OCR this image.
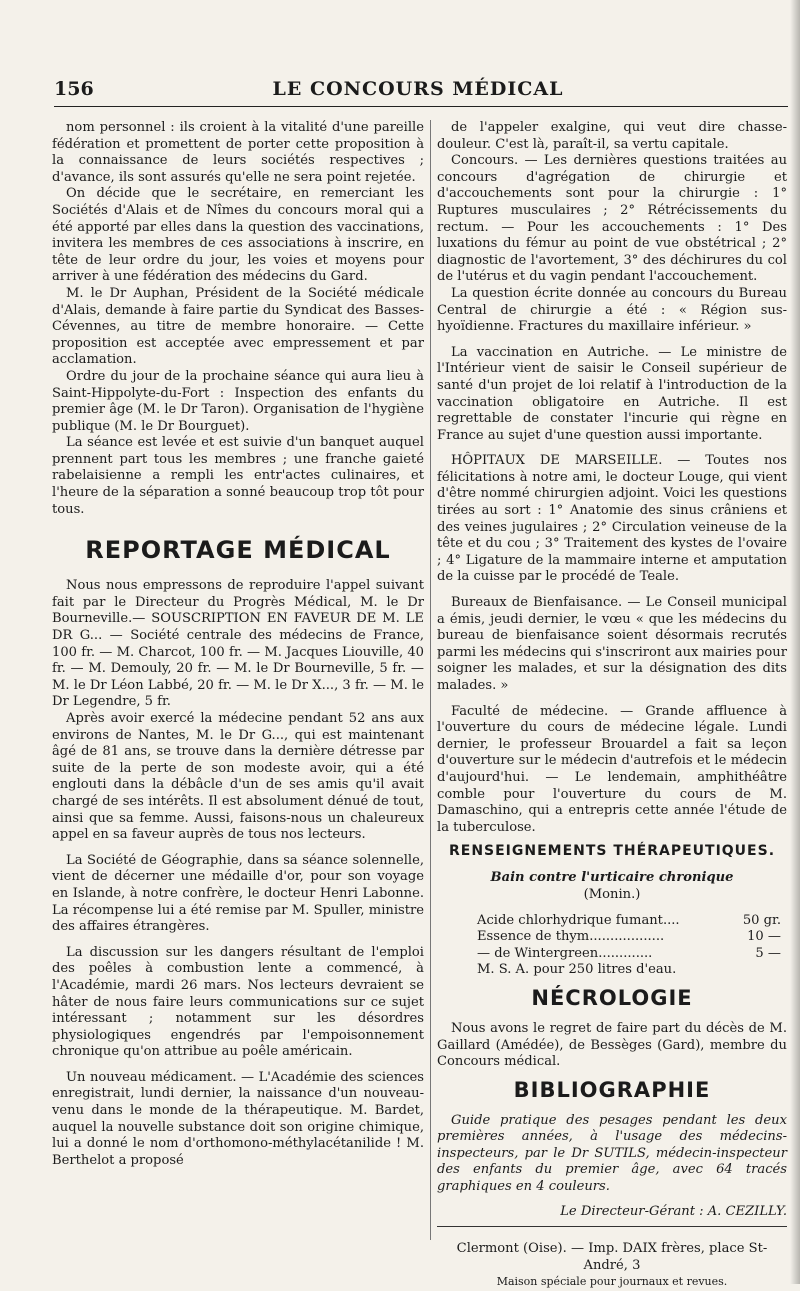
156	LE CONCOURS MÉDICAL

nom personnel : ils croient à la vitalité d'une pareille fédération et promettent de porter cette proposition à la connaissance de leurs sociétés respectives ; d'avance, ils sont assurés qu'elle ne sera point rejetée.

On décide que le secrétaire, en remerciant les Sociétés d'Alais et de Nîmes du concours moral qui a été apporté par elles dans la question des vaccinations, invitera les membres de ces associations à inscrire, en tête de leur ordre du jour, les voies et moyens pour arriver à une fédération des médecins du Gard.

M. le Dr Auphan, Président de la Société médicale d'Alais, demande à faire partie du Syndicat des Basses-Cévennes, au titre de membre honoraire. — Cette proposition est acceptée avec empressement et par acclamation.

Ordre du jour de la prochaine séance qui aura lieu à Saint-Hippolyte-du-Fort : Inspection des enfants du premier âge (M. le Dr Taron). Organisation de l'hygiène publique (M. le Dr Bourguet).

La séance est levée et est suivie d'un banquet auquel prennent part tous les membres ; une franche gaieté rabelaisienne a rempli les entr'actes culinaires, et l'heure de la séparation a sonné beaucoup trop tôt pour tous.

REPORTAGE MÉDICAL

Nous nous empressons de reproduire l'appel suivant fait par le Directeur du Progrès Médical, M. le Dr Bourneville.— SOUSCRIPTION EN FAVEUR DE M. LE DR G... — Société centrale des médecins de France, 100 fr. — M. Charcot, 100 fr. — M. Jacques Liouville, 40 fr. — M. Demouly, 20 fr. — M. le Dr Bourneville, 5 fr. — M. le Dr Léon Labbé, 20 fr. — M. le Dr X..., 3 fr. — M. le Dr Legendre, 5 fr.

Après avoir exercé la médecine pendant 52 ans aux environs de Nantes, M. le Dr G..., qui est maintenant âgé de 81 ans, se trouve dans la dernière détresse par suite de la perte de son modeste avoir, qui a été englouti dans la débâcle d'un de ses amis qu'il avait chargé de ses intérêts. Il est absolument dénué de tout, ainsi que sa femme. Aussi, faisons-nous un chaleureux appel en sa faveur auprès de tous nos lecteurs.

La Société de Géographie, dans sa séance solennelle, vient de décerner une médaille d'or, pour son voyage en Islande, à notre confrère, le docteur Henri Labonne. La récompense lui a été remise par M. Spuller, ministre des affaires étrangères.

La discussion sur les dangers résultant de l'emploi des poêles à combustion lente a commencé, à l'Académie, mardi 26 mars. Nos lecteurs devraient se hâter de nous faire leurs communications sur ce sujet intéressant ; notamment sur les désordres physiologiques engendrés par l'empoisonnement chronique qu'on attribue au poêle américain.

Un nouveau médicament. — L'Académie des sciences enregistrait, lundi dernier, la naissance d'un nouveau-venu dans le monde de la thérapeutique. M. Bardet, auquel la nouvelle substance doit son origine chimique, lui a donné le nom d'orthomono-méthylacétanilide ! M. Berthelot a proposé

de l'appeler exalgine, qui veut dire chasse-douleur. C'est là, paraît-il, sa vertu capitale.

Concours. — Les dernières questions traitées au concours d'agrégation de chirurgie et d'accouchements sont pour la chirurgie : 1° Ruptures musculaires ; 2° Rétrécissements du rectum. — Pour les accouchements : 1° Des luxations du fémur au point de vue obstétrical ; 2° diagnostic de l'avortement, 3° des déchirures du col de l'utérus et du vagin pendant l'accouchement.

La question écrite donnée au concours du Bureau Central de chirurgie a été : « Région sus-hyoïdienne. Fractures du maxillaire inférieur. »

La vaccination en Autriche. — Le ministre de l'Intérieur vient de saisir le Conseil supérieur de santé d'un projet de loi relatif à l'introduction de la vaccination obligatoire en Autriche. Il est regrettable de constater l'incurie qui règne en France au sujet d'une question aussi importante.

HÔPITAUX DE MARSEILLE. — Toutes nos félicitations à notre ami, le docteur Louge, qui vient d'être nommé chirurgien adjoint. Voici les questions tirées au sort : 1° Anatomie des sinus crâniens et des veines jugulaires ; 2° Circulation veineuse de la tête et du cou ; 3° Traitement des kystes de l'ovaire ; 4° Ligature de la mammaire interne et amputation de la cuisse par le procédé de Teale.

Bureaux de Bienfaisance. — Le Conseil municipal a émis, jeudi dernier, le vœu « que les médecins du bureau de bienfaisance soient désormais recrutés parmi les médecins qui s'inscriront aux mairies pour soigner les malades, et sur la désignation des dits malades. »

Faculté de médecine. — Grande affluence à l'ouverture du cours de médecine légale. Lundi dernier, le professeur Brouardel a fait sa leçon d'ouverture sur le médecin d'autrefois et le médecin d'aujourd'hui. — Le lendemain, amphithéâtre comble pour l'ouverture du cours de M. Damaschino, qui a entrepris cette année l'étude de la tuberculose.

RENSEIGNEMENTS THÉRAPEUTIQUES.
Bain contre l'urticaire chronique
(Monin.)
Acide chlorhydrique fumant....	50 gr.
Essence de thym..................	10 —
— de Wintergreen.............	5 —
M. S. A. pour 250 litres d'eau.
NÉCROLOGIE

Nous avons le regret de faire part du décès de M. Gaillard (Amédée), de Bessèges (Gard), membre du Concours médical.

BIBLIOGRAPHIE

Guide pratique des pesages pendant les deux premières années, à l'usage des médecins-inspecteurs, par le Dr SUTILS, médecin-inspecteur des enfants du premier âge, avec 64 tracés graphiques en 4 couleurs.

Le Directeur-Gérant : A. CEZILLY.
Clermont (Oise). — Imp. DAIX frères, place St-André, 3
Maison spéciale pour journaux et revues.
